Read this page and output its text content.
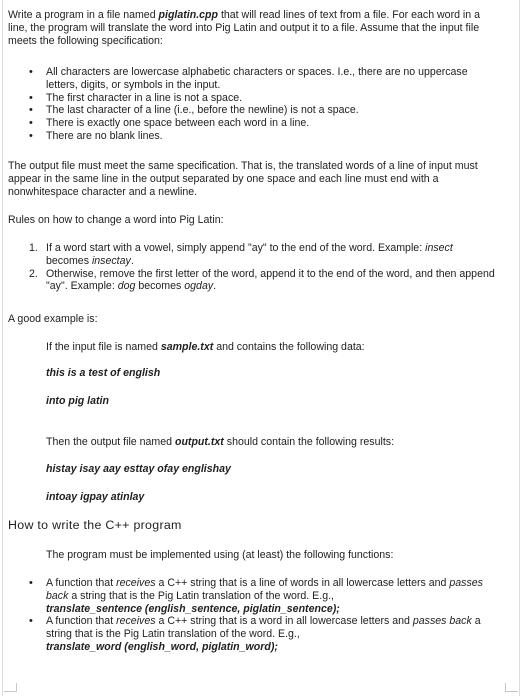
Write a program in a file named piglatin.cpp that will read lines of text from a file. For each word in a line, the program will translate the word into Pig Latin and output it to a file. Assume that the input file meets the following specification:

• All characters are lowercase alphabetic characters or spaces. I.e., there are no uppercase letters, digits, or symbols in the input.
• The first character in a line is not a space.
• The last character of a line (i.e., before the newline) is not a space.
• There is exactly one space between each word in a line.
• There are no blank lines.

The output file must meet the same specification. That is, the translated words of a line of input must appear in the same line in the output separated by one space and each line must end with a nonwhitespace character and a newline.

Rules on how to change a word into Pig Latin:

1. If a word start with a vowel, simply append "ay" to the end of the word. Example: insect becomes insectay.
2. Otherwise, remove the first letter of the word, append it to the end of the word, and then append "ay". Example: dog becomes ogday.

A good example is:

If the input file is named sample.txt and contains the following data:

this is a test of english

into pig latin

Then the output file named output.txt should contain the following results:

histay isay aay esttay ofay englishay

intoay igpay atinlay

How to write the C++ program

The program must be implemented using (at least) the following functions:

• A function that receives a C++ string that is a line of words in all lowercase letters and passes back a string that is the Pig Latin translation of the word. E.g.,
translate_sentence (english_sentence, piglatin_sentence);
• A function that receives a C++ string that is a word in all lowercase letters and passes back a string that is the Pig Latin translation of the word. E.g.,
translate_word (english_word, piglatin_word);
